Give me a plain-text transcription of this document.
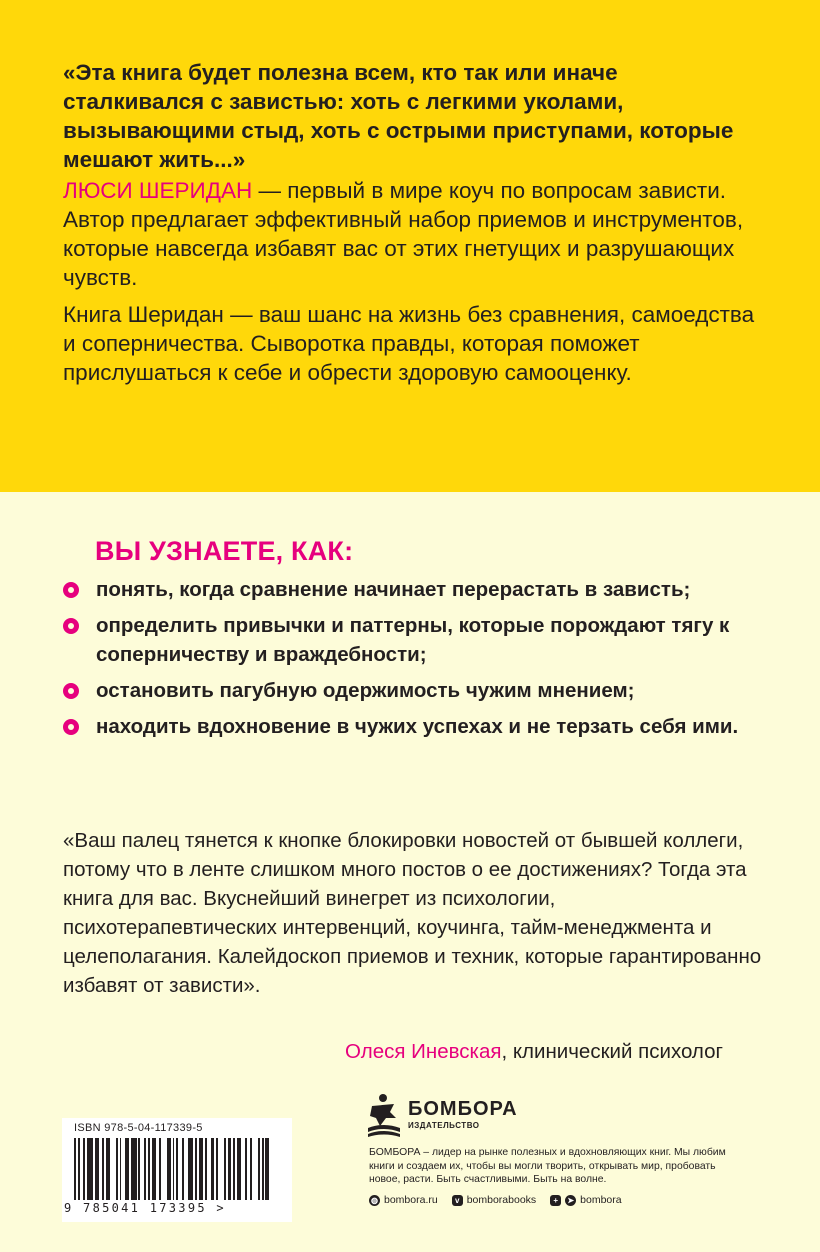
«Эта книга будет полезна всем, кто так или иначе сталкивался с завистью: хоть с легкими уколами, вызывающими стыд, хоть с острыми приступами, которые мешают жить...»
ЛЮСИ ШЕРИДАН — первый в мире коуч по вопросам зависти. Автор предлагает эффективный набор приемов и инструментов, которые навсегда избавят вас от этих гнетущих и разрушающих чувств.
Книга Шеридан — ваш шанс на жизнь без сравнения, самоедства и соперничества. Сыворотка правды, которая поможет прислушаться к себе и обрести здоровую самооценку.
ВЫ УЗНАЕТЕ, КАК:
понять, когда сравнение начинает перерастать в зависть;
определить привычки и паттерны, которые порождают тягу к соперничеству и враждебности;
остановить пагубную одержимость чужим мнением;
находить вдохновение в чужих успехах и не терзать себя ими.
«Ваш палец тянется к кнопке блокировки новостей от бывшей коллеги, потому что в ленте слишком много постов о ее достижениях? Тогда эта книга для вас. Вкуснейший винегрет из психологии, психотерапевтических интервенций, коучинга, тайм-менеджмента и целеполагания. Калейдоскоп приемов и техник, которые гарантированно избавят от зависти».
Олеся Иневская, клинический психолог
ISBN 978-5-04-117339-5
9 785041 173395 >
БОМБОРА
ИЗДАТЕЛЬСТВО
БОМБОРА – лидер на рынке полезных и вдохновляющих книг. Мы любим книги и создаем их, чтобы вы могли творить, открывать мир, пробовать новое, расти. Быть счастливыми. Быть на волне.
◍ bombora.ru	v bomborabooks	+	➤ bombora
